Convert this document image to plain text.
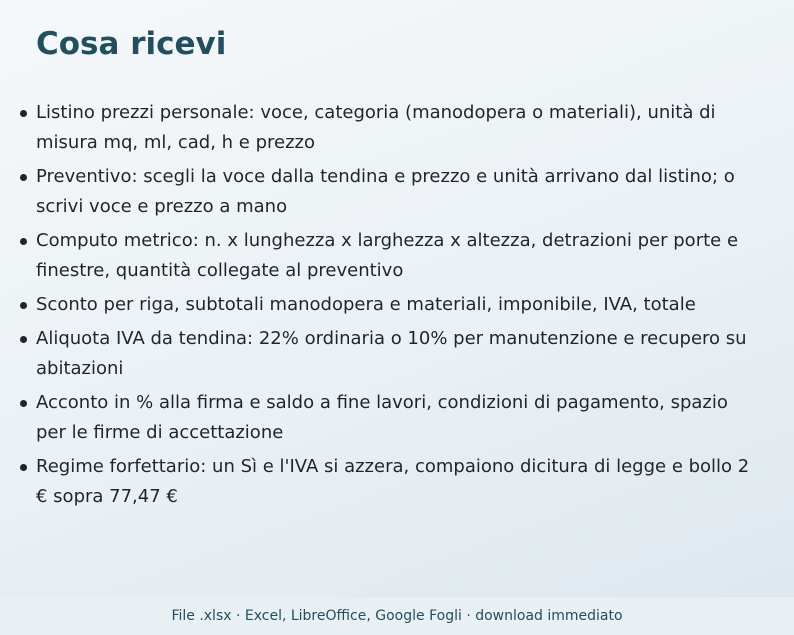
Cosa ricevi
Listino prezzi personale: voce, categoria (manodopera o materiali), unità di misura mq, ml, cad, h e prezzo
Preventivo: scegli la voce dalla tendina e prezzo e unità arrivano dal listino; o scrivi voce e prezzo a mano
Computo metrico: n. x lunghezza x larghezza x altezza, detrazioni per porte e finestre, quantità collegate al preventivo
Sconto per riga, subtotali manodopera e materiali, imponibile, IVA, totale
Aliquota IVA da tendina: 22% ordinaria o 10% per manutenzione e recupero su abitazioni
Acconto in % alla firma e saldo a fine lavori, condizioni di pagamento, spazio per le firme di accettazione
Regime forfettario: un Sì e l'IVA si azzera, compaiono dicitura di legge e bollo 2 € sopra 77,47 €
File .xlsx · Excel, LibreOffice, Google Fogli · download immediato
